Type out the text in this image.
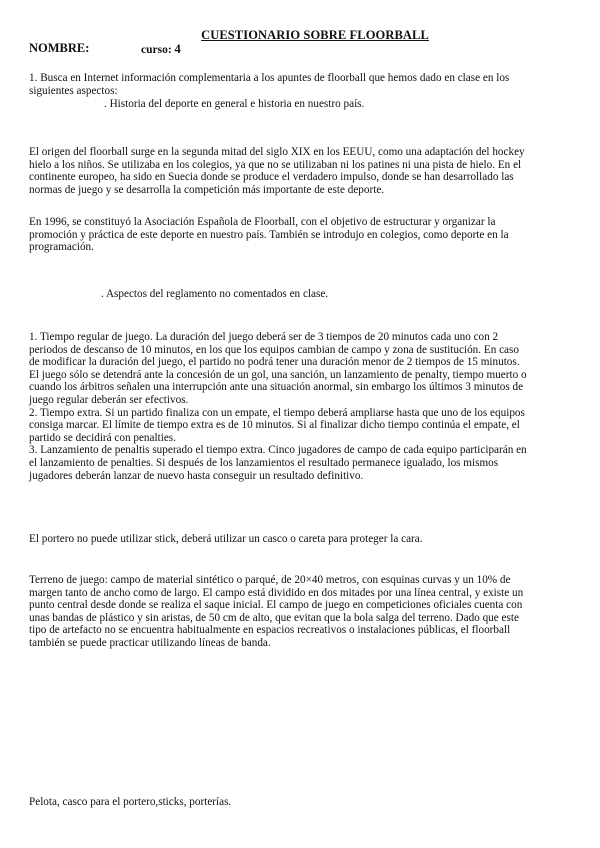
CUESTIONARIO SOBRE FLOORBALL
NOMBRE:	curso: 4
1. Busca en Internet información complementaria a los apuntes de floorball que hemos dado en clase en los
siguientes aspectos:
. Historia del deporte en general e historia en nuestro país.
El origen del floorball surge en la segunda mitad del siglo XIX en los EEUU, como una adaptación del hockey
hielo a los niños. Se utilizaba en los colegios, ya que no se utilizaban ni los patines ni una pista de hielo. En el
continente europeo, ha sido en Suecia donde se produce el verdadero impulso, donde se han desarrollado las
normas de juego y se desarrolla la competición más importante de este deporte.
En 1996, se constituyó la Asociación Española de Floorball, con el objetivo de estructurar y organizar la
promoción y práctica de este deporte en nuestro país. También se introdujo en colegios, como deporte en la
programación.
. Aspectos del reglamento no comentados en clase.
1. Tiempo regular de juego. La duración del juego deberá ser de 3 tiempos de 20 minutos cada uno con 2
periodos de descanso de 10 minutos, en los que los equipos cambian de campo y zona de sustitución. En caso
de modificar la duración del juego, el partido no podrá tener una duración menor de 2 tiempos de 15 minutos.
El juego sólo se detendrá ante la concesión de un gol, una sanción, un lanzamiento de penalty, tiempo muerto o
cuando los árbitros señalen una interrupción ante una situación anormal, sin embargo los últimos 3 minutos de
juego regular deberán ser efectivos.
2. Tiempo extra. Si un partido finaliza con un empate, el tiempo deberá ampliarse hasta que uno de los equipos
consiga marcar. El límite de tiempo extra es de 10 minutos. Si al finalizar dicho tiempo continúa el empate, el
partido se decidirá con penalties.
3. Lanzamiento de penaltis superado el tiempo extra. Cinco jugadores de campo de cada equipo participarán en
el lanzamiento de penalties. Si después de los lanzamientos el resultado permanece igualado, los mismos
jugadores deberán lanzar de nuevo hasta conseguir un resultado definitivo.
El portero no puede utilizar stick, deberá utilizar un casco o careta para proteger la cara.
Terreno de juego: campo de material sintético o parqué, de 20×40 metros, con esquinas curvas y un 10% de
margen tanto de ancho como de largo. El campo está dividido en dos mitades por una línea central, y existe un
punto central desde donde se realiza el saque inicial. El campo de juego en competiciones oficiales cuenta con
unas bandas de plástico y sin aristas, de 50 cm de alto, que evitan que la bola salga del terreno. Dado que este
tipo de artefacto no se encuentra habitualmente en espacios recreativos o instalaciones públicas, el floorball
también se puede practicar utilizando líneas de banda.
Pelota, casco para el portero,sticks, porterías.
